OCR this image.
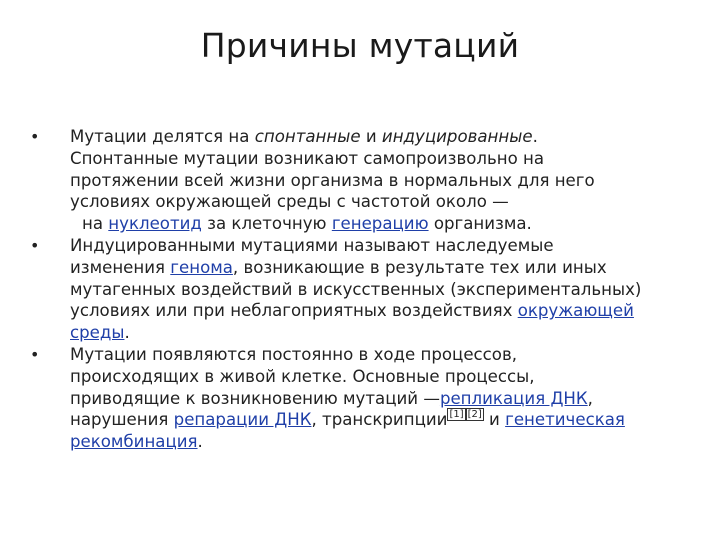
Причины мутаций
•	Мутации делятся на спонтанные и индуцированные.
Спонтанные мутации возникают самопроизвольно на
протяжении всей жизни организма в нормальных для него
условиях окружающей среды с частотой около —
на нуклеотид за клеточную генерацию организма.
•	Индуцированными мутациями называют наследуемые
изменения генома, возникающие в результате тех или иных
мутагенных воздействий в искусственных (экспериментальных)
условиях или при неблагоприятных воздействиях окружающей
среды.
•	Мутации появляются постоянно в ходе процессов,
происходящих в живой клетке. Основные процессы,
приводящие к возникновению мутаций —репликация ДНК,
нарушения репарации ДНК, транскрипции [1] [2] и генетическая
рекомбинация.
